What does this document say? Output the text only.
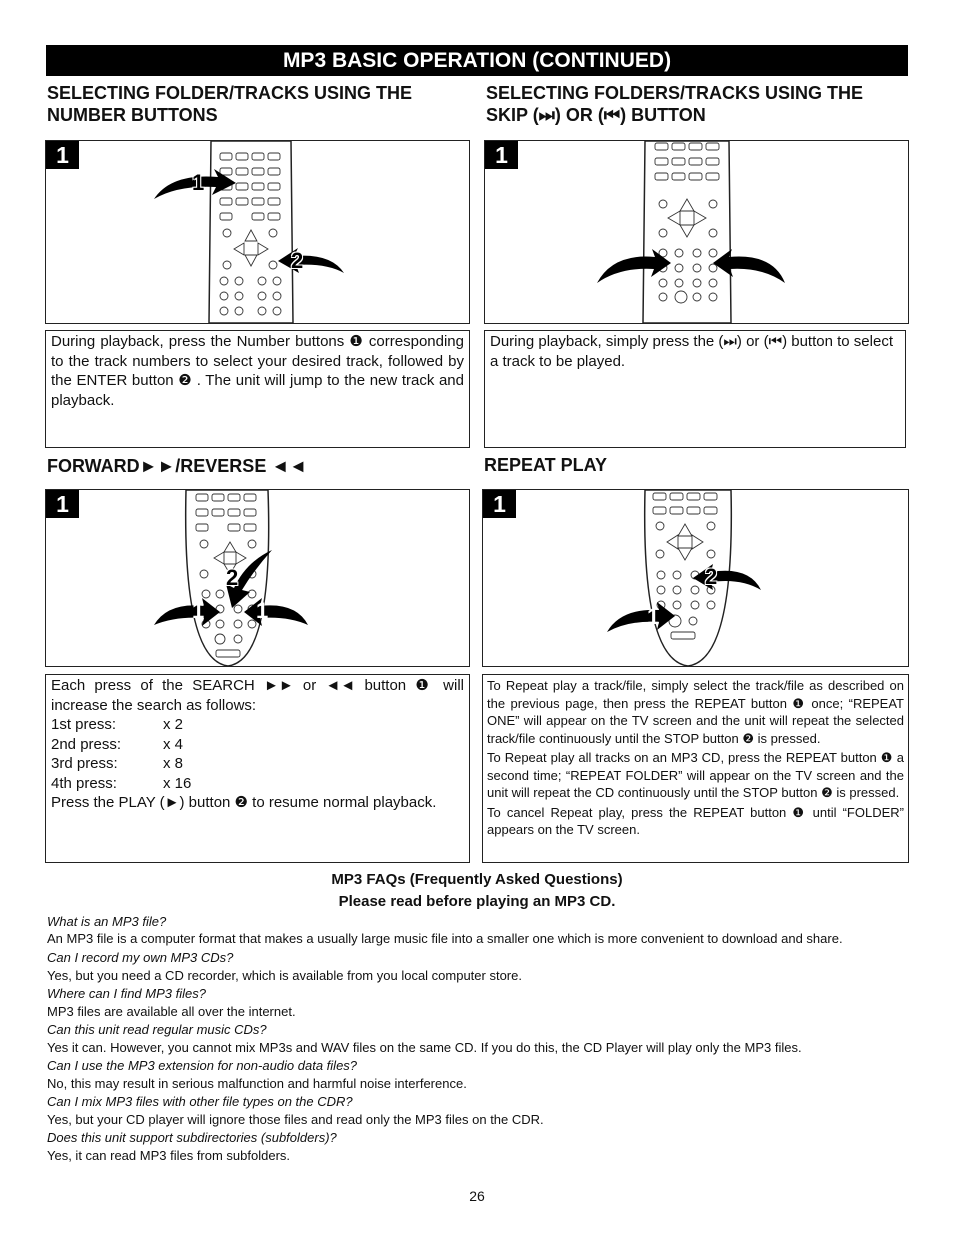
MP3 BASIC OPERATION (CONTINUED)
SELECTING FOLDER/TRACKS USING THE
NUMBER BUTTONS
SELECTING FOLDERS/TRACKS USING THE
SKIP (⏭) OR (⏮) BUTTON
FORWARD►►/REVERSE ◄◄	REPEAT PLAY
1
1
2
1
During playback, press the Number buttons ❶ corresponding to the track numbers to select your desired track, followed by the ENTER button ❷ . The unit will jump to the new track and playback.
During playback, simply press the (⏭) or (⏮) button to select a track to be played.
1
2
1 1
1
2
1

Each press of the SEARCH ►► or ◄◄ button ❶ will increase the search as follows:

1st press:	x 2
2nd press:	x 4
3rd press:	x 8
4th press:	x 16

Press the PLAY (►) button ❷ to resume normal playback.

To Repeat play a track/file, simply select the track/file as described on the previous page, then press the REPEAT button ❶ once; “REPEAT ONE” will appear on the TV screen and the unit will repeat the selected track/file continuously until the STOP button ❷ is pressed.

To Repeat play all tracks on an MP3 CD, press the REPEAT button ❶ a second time; “REPEAT FOLDER” will appear on the TV screen and the unit will repeat the CD continuously until the STOP button ❷ is pressed.

To cancel Repeat play, press the REPEAT button ❶ until “FOLDER” appears on the TV screen.

MP3 FAQs (Frequently Asked Questions)
Please read before playing an MP3 CD.
What is an MP3 file?
An MP3 file is a computer format that makes a usually large music file into a smaller one which is more convenient to download and share.
Can I record my own MP3 CDs?
Yes, but you need a CD recorder, which is available from you local computer store.
Where can I find MP3 files?
MP3 files are available all over the internet.
Can this unit read regular music CDs?
Yes it can. However, you cannot mix MP3s and WAV files on the same CD. If you do this, the CD Player will play only the MP3 files.
Can I use the MP3 extension for non-audio data files?
No, this may result in serious malfunction and harmful noise interference.
Can I mix MP3 files with other file types on the CDR?
Yes, but your CD player will ignore those files and read only the MP3 files on the CDR.
Does this unit support subdirectories (subfolders)?
Yes, it can read MP3 files from subfolders.
26
